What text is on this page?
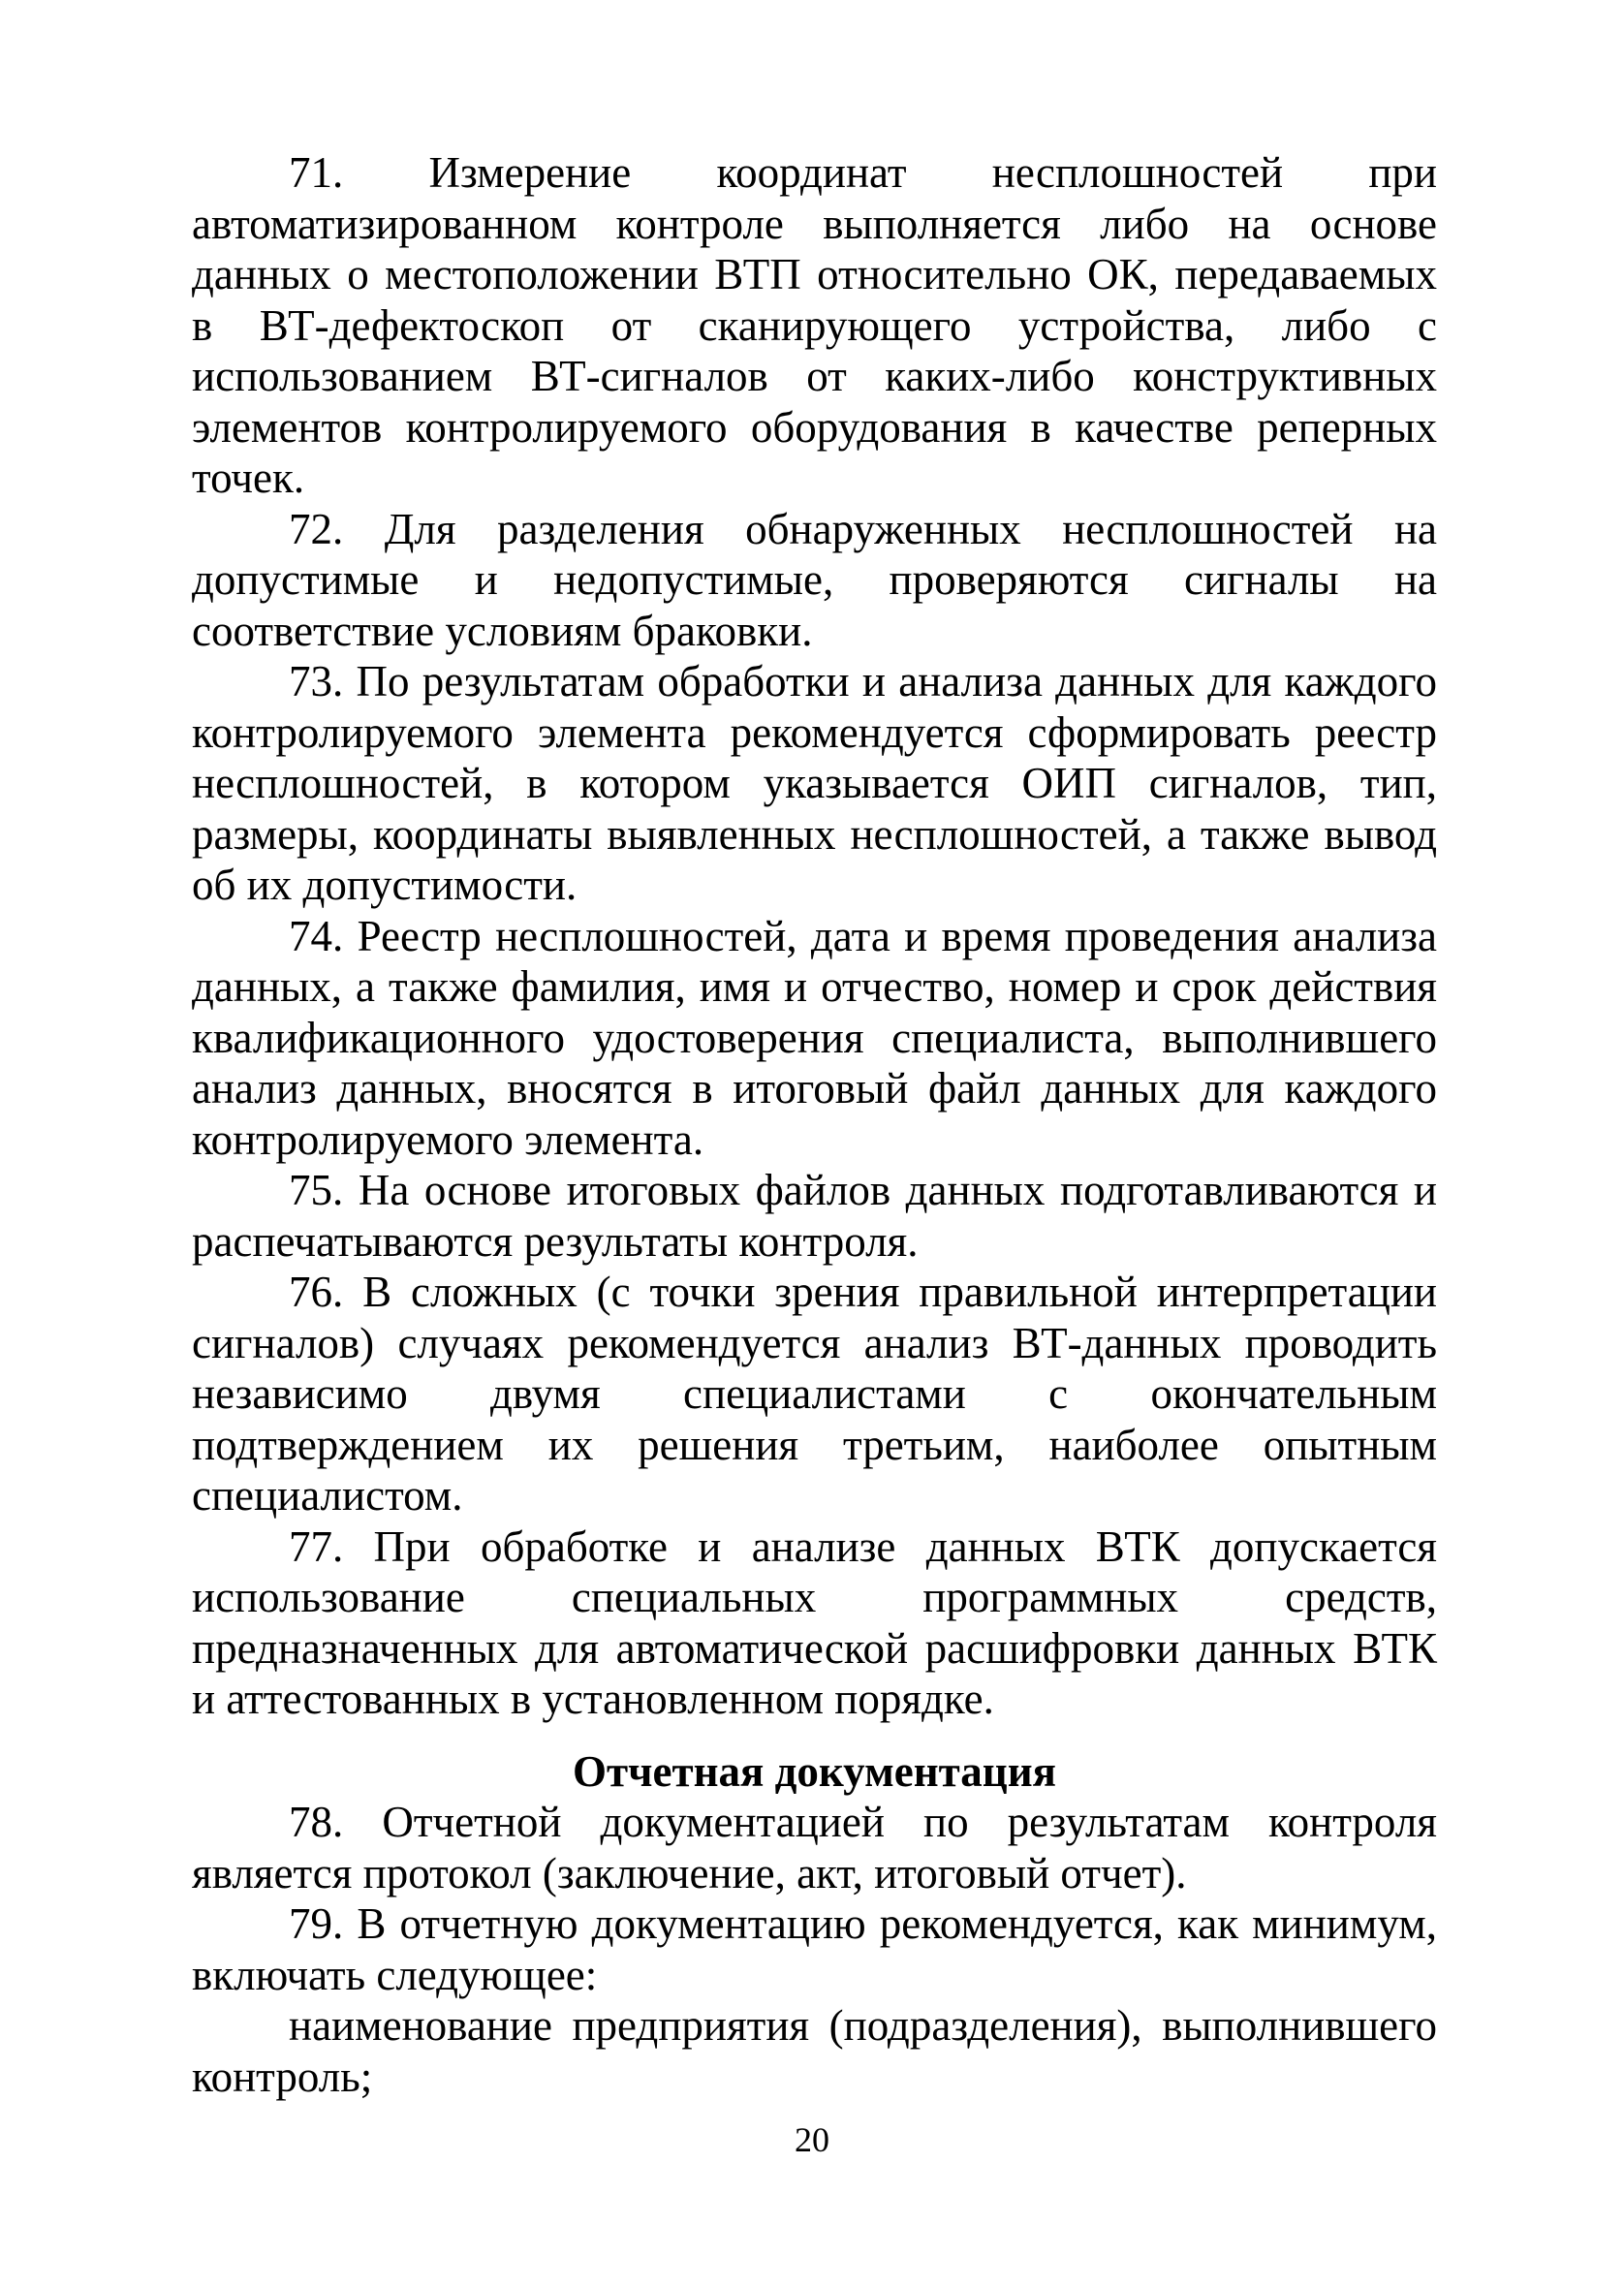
71. Измерение координат несплошностей при автоматизированном контроле выполняется либо на основе данных о местоположении ВТП относительно ОК, передаваемых в ВТ-дефектоскоп от сканирующего устройства, либо с использованием ВТ-сигналов от каких-либо конструктивных элементов контролируемого оборудования в качестве реперных точек.

72. Для разделения обнаруженных несплошностей на допустимые и недопустимые, проверяются сигналы на соответствие условиям браковки.

73. По результатам обработки и анализа данных для каждого контролируемого элемента рекомендуется сформировать реестр несплошностей, в котором указывается ОИП сигналов, тип, размеры, координаты выявленных несплошностей, а также вывод об их допустимости.

74. Реестр несплошностей, дата и время проведения анализа данных, а также фамилия, имя и отчество, номер и срок действия квалификационного удостоверения специалиста, выполнившего анализ данных, вносятся в итоговый файл данных для каждого контролируемого элемента.

75. На основе итоговых файлов данных подготавливаются и распечатываются результаты контроля.

76. В сложных (с точки зрения правильной интерпретации сигналов) случаях рекомендуется анализ ВТ-данных проводить независимо двумя специалистами с окончательным подтверждением их решения третьим, наиболее опытным специалистом.

77. При обработке и анализе данных ВТК допускается использование специальных программных средств, предназначенных для автоматической расшифровки данных ВТК и аттестованных в установленном порядке.

Отчетная документация

78. Отчетной документацией по результатам контроля является протокол (заключение, акт, итоговый отчет).

79. В отчетную документацию рекомендуется, как минимум, включать следующее:

наименование предприятия (подразделения), выполнившего контроль;

20
